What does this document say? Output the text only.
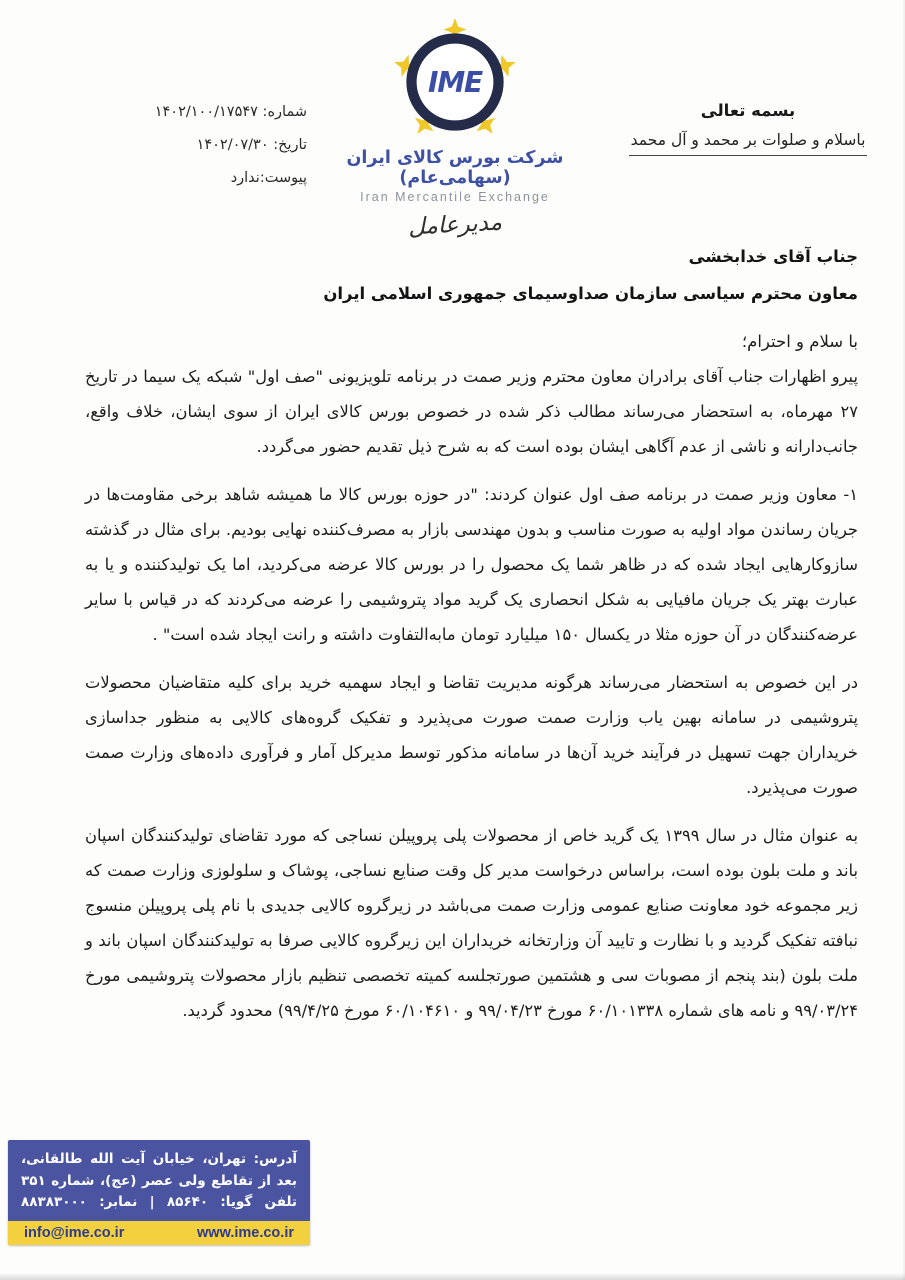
شماره: ۱۴۰۲/۱۰۰/۱۷۵۴۷
تاریخ: ۱۴۰۲/۰۷/۳۰
پیوست:ندارد
IME
شرکت بورس کالای ایران (سهامی‌عام)
Iran Mercantile Exchange
مدیرعامل
بسمه تعالی
باسلام و صلوات بر محمد و آل محمد
جناب آقای خدابخشی
معاون محترم سیاسی سازمان صداوسیمای جمهوری اسلامی ایران
با سلام و احترام؛

پیرو اظهارات جناب آقای برادران معاون محترم وزیر صمت در برنامه تلویزیونی "صف اول" شبکه یک سیما در تاریخ ۲۷ مهرماه، به استحضار می‌رساند مطالب ذکر شده در خصوص بورس کالای ایران از سوی ایشان، خلاف واقع، جانب‌دارانه و ناشی از عدم آگاهی ایشان بوده است که به شرح ذیل تقدیم حضور می‌گردد.

۱- معاون وزیر صمت در برنامه صف اول عنوان کردند: "در حوزه بورس کالا ما همیشه شاهد برخی مقاومت‌ها در جریان رساندن مواد اولیه به صورت مناسب و بدون مهندسی بازار به مصرف‌کننده نهایی بودیم. برای مثال در گذشته سازوکارهایی ایجاد شده که در ظاهر شما یک محصول را در بورس کالا عرضه می‌کردید، اما یک تولیدکننده و یا به عبارت بهتر یک جریان مافیایی به شکل انحصاری یک گرید مواد پتروشیمی را عرضه می‌کردند که در قیاس با سایر عرضه‌کنندگان در آن حوزه مثلا در یکسال ۱۵۰ میلیارد تومان مابه‌التفاوت داشته و رانت ایجاد شده است" .

در این خصوص به استحضار می‌رساند هرگونه مدیریت تقاضا و ایجاد سهمیه خرید برای کلیه متقاضیان محصولات پتروشیمی در سامانه بهین یاب وزارت صمت صورت می‌پذیرد و تفکیک گروه‌های کالایی به منظور جداسازی خریداران جهت تسهیل در فرآیند خرید آن‌ها در سامانه مذکور توسط مدیرکل آمار و فرآوری داده‌های وزارت صمت صورت می‌پذیرد.

به عنوان مثال در سال ۱۳۹۹ یک گرید خاص از محصولات پلی پروپیلن نساجی که مورد تقاضای تولیدکنندگان اسپان باند و ملت بلون بوده است، براساس درخواست مدیر کل وقت صنایع نساجی، پوشاک و سلولوزی وزارت صمت که زیر مجموعه خود معاونت صنایع عمومی وزارت صمت می‌باشد در زیرگروه کالایی جدیدی با نام پلی پروپیلن منسوج نبافته تفکیک گردید و با نظارت و تایید آن وزارتخانه خریداران این زیرگروه کالایی صرفا به تولیدکنندگان اسپان باند و ملت بلون (بند پنجم از مصوبات سی و هشتمین صورتجلسه کمیته تخصصی تنظیم بازار محصولات پتروشیمی مورخ ۹۹/۰۳/۲۴ و نامه های شماره ۶۰/۱۰۱۳۳۸ مورخ ۹۹/۰۴/۲۳ و ۶۰/۱۰۴۶۱۰ مورخ ۹۹/۴/۲۵) محدود گردید.

آدرس: تهران، خیابان آیت الله طالقانی،
بعد از تقاطع ولی عصر (عج)، شماره ۳۵۱
تلفن گویا: ۸۵۶۴۰ | نمابر: ۸۸۳۸۳۰۰۰
info@ime.co.ir	www.ime.co.ir
